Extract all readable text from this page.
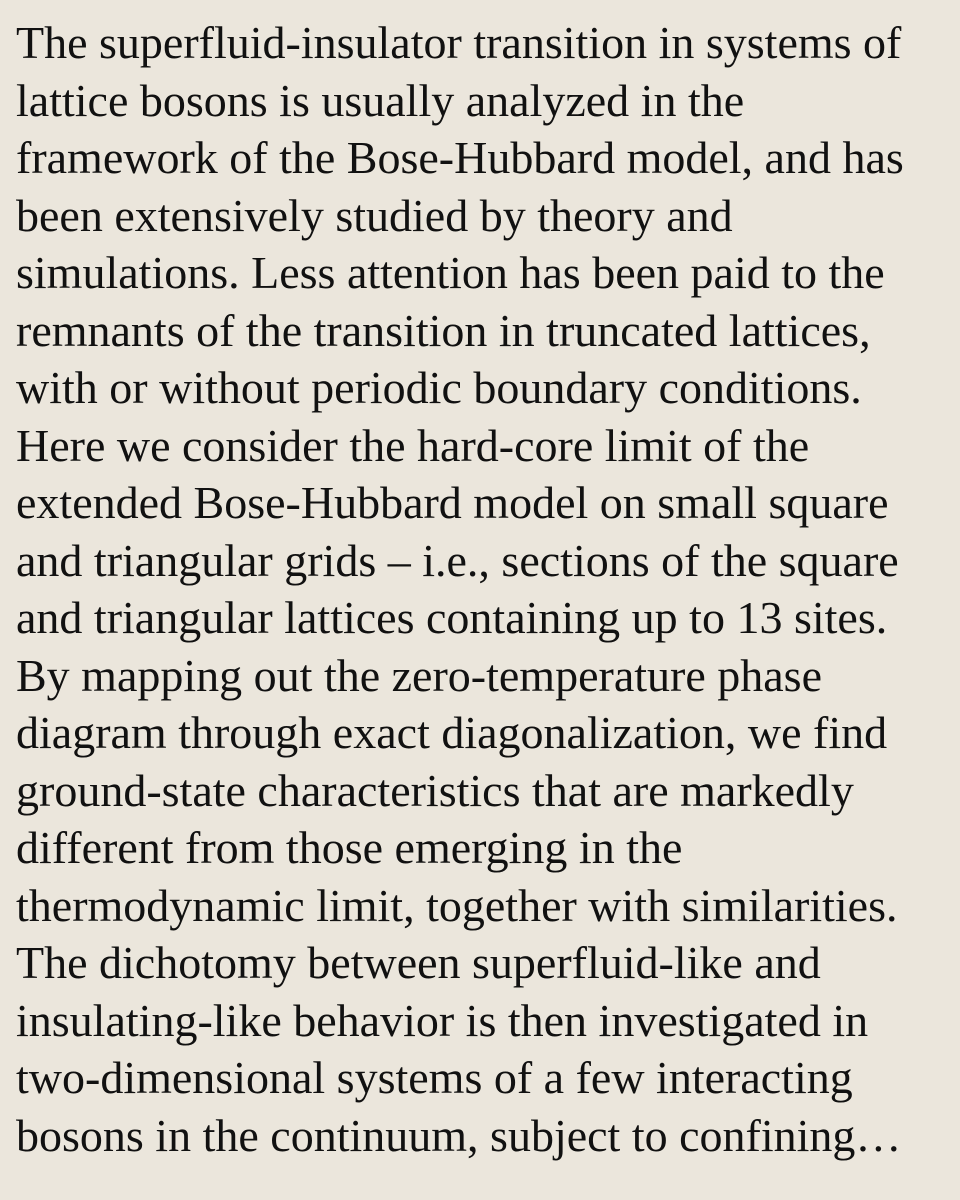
The superfluid-insulator transition in systems of
lattice bosons is usually analyzed in the
framework of the Bose-Hubbard model, and has
been extensively studied by theory and
simulations. Less attention has been paid to the
remnants of the transition in truncated lattices,
with or without periodic boundary conditions.
Here we consider the hard-core limit of the
extended Bose-Hubbard model on small square
and triangular grids – i.e., sections of the square
and triangular lattices containing up to 13 sites.
By mapping out the zero-temperature phase
diagram through exact diagonalization, we find
ground-state characteristics that are markedly
different from those emerging in the
thermodynamic limit, together with similarities.
The dichotomy between superfluid-like and
insulating-like behavior is then investigated in
two-dimensional systems of a few interacting
bosons in the continuum, subject to confining…
